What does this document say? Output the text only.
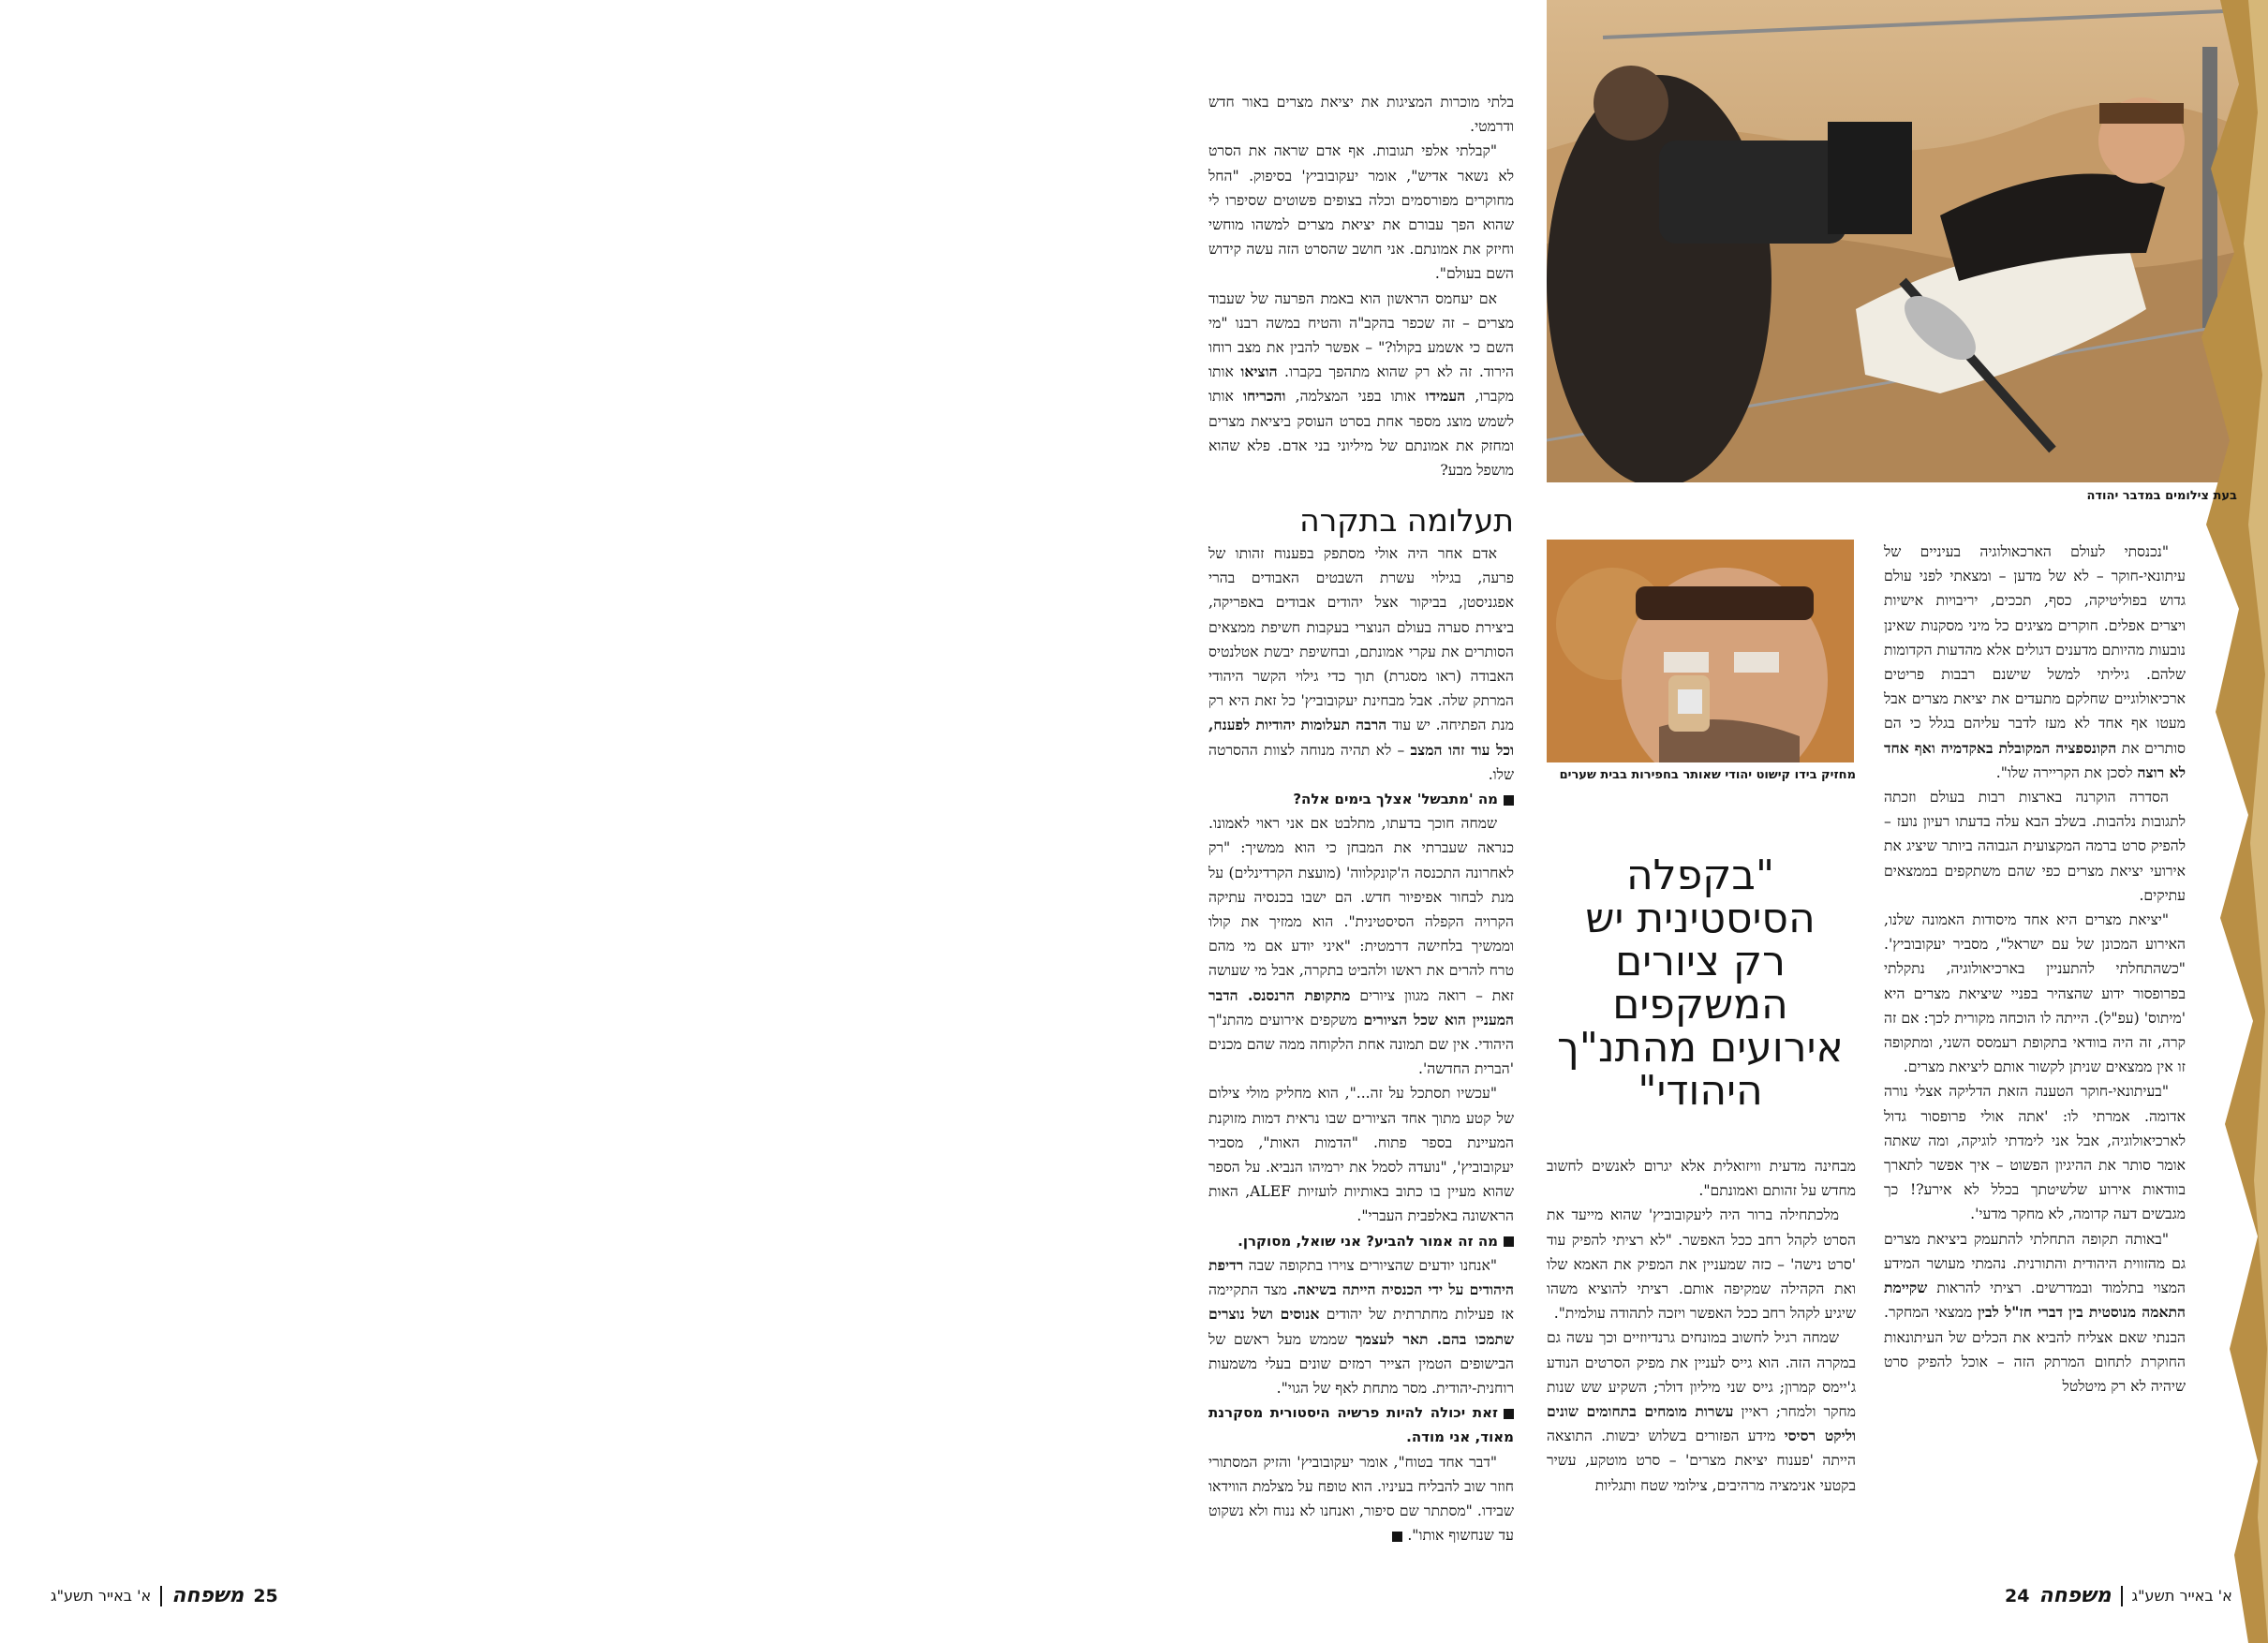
בלתי מוכרות המציגות את יציאת מצרים באור חדש ודרמטי.

"קבלתי אלפי תגובות. אף אדם שראה את הסרט לא נשאר אדיש", אומר יעקובוביץ' בסיפוק. "החל מחוקרים מפורסמים וכלה בצופים פשוטים שסיפרו לי שהוא הפך עבורם את יציאת מצרים למשהו מוחשי וחיזק את אמונתם. אני חושב שהסרט הזה עשה קידוש השם בעולם".

אם יעחמס הראשון הוא באמת הפרעה של שעבוד מצרים – זה שכפר בהקב"ה והטיח במשה רבנו "מי השם כי אשמע בקולו?" – אפשר להבין את מצב רוחו הירוד. זה לא רק שהוא מתהפך בקברו. הוציאו אותו מקברו, העמידו אותו בפני המצלמה, והכריחו אותו לשמש מוצג מספר אחת בסרט העוסק ביציאת מצרים ומחזק את אמונתם של מיליוני בני אדם. פלא שהוא מושפל מבע?

תעלומה בתקרה

אדם אחר היה אולי מסתפק בפענוח זהותו של פרעה, בגילוי עשרת השבטים האבודים בהרי אפגניסטן, בביקור אצל יהודים אבודים באפריקה, ביצירת סערה בעולם הנוצרי בעקבות חשיפת ממצאים הסותרים את עקרי אמונתם, ובחשיפת יבשת אטלנטיס האבודה (ראו מסגרת) תוך כדי גילוי הקשר היהודי המרתק שלה. אבל מבחינת יעקובוביץ' כל זאת היא רק מנת הפתיחה. יש עוד הרבה תעלומות יהודיות לפענח, וכל עוד זהו המצב – לא תהיה מנוחה לצוות ההסרטה שלו.

מה 'מתבשל' אצלך בימים אלה?

שמחה חוכך בדעתו, מתלבט אם אני ראוי לאמונו. כנראה שעברתי את המבחן כי הוא ממשיך: "רק לאחרונה התכנסה ה'קונקלווה' (מועצת הקרדינלים) על מנת לבחור אפיפיור חדש. הם ישבו בכנסיה עתיקה הקרויה הקפלה הסיסטינית". הוא ממזיך את קולו וממשיך בלחישה דרמטית: "איני יודע אם מי מהם טרח להרים את ראשו ולהביט בתקרה, אבל מי שעושה זאת – רואה מגוון ציורים מתקופת הרנסנס. הדבר המעניין הוא שכל הציורים משקפים אירועים מהתנ"ך היהודי. אין שם תמונה אחת הלקוחה ממה שהם מכנים 'הברית החדשה'.

"עכשיו תסתכל על זה...", הוא מחליק מולי צילום של קטע מתוך אחד הציורים שבו נראית דמות מזוקנת המעיינת בספר פתוח. "הדמות האות", מסביר יעקובוביץ', "נועדה לסמל את ירמיהו הנביא. על הספר שהוא מעיין בו כתוב באותיות לועזיות ALEF, האות הראשונה באלפבית העברי".

מה זה אמור להביע? אני שואל, מסוקרן.

"אנחנו יודעים שהציורים צוירו בתקופה שבה רדיפת היהודים על ידי הכנסיה הייתה בשיאה. מצד התקיימה אז פעילות מחתרתית של יהודים אנוסים ושל נוצרים שתמכו בהם. תאר לעצמך שממש מעל ראשם של הבישופים הטמין הצייר רמזים שונים בעלי משמעות רוחנית-יהודית. מסר מתחת לאף של הגוי".

זאת יכולה להיות פרשיה היסטורית מסקרנת מאוד, אני מודה.

"דבר אחד בטוח", אומר יעקובוביץ' והזיק המסתורי חוזר שוב להבליח בעיניו. הוא טופח על מצלמת הווידאו שבידו. "מסתתר שם סיפור, ואנחנו לא ננוח ולא נשקוט עד שנחשוף אותו".

בעת צילומים במדבר יהודה
מחזיק בידו קישוט יהודי שאותר בחפירות בבית שערים
"בקפלה הסיסטינית יש רק ציורים המשקפים אירועים מהתנ"ך היהודי"

מבחינה מדעית וויזואלית אלא יגרום לאנשים לחשוב מחדש על זהותם ואמונתם".

מלכתחילה ברור היה ליעקובוביץ' שהוא מייעד את הסרט לקהל רחב ככל האפשר. "לא רציתי להפיק עוד 'סרט נישה' – כזה שמעניין את המפיק את האמא שלו ואת הקהילה שמקיפה אותם. רציתי להוציא משהו שיגיע לקהל רחב ככל האפשר ויזכה לתהודה עולמית".

שמחה רגיל לחשוב במונחים גרנדיוזיים וכך עשה גם במקרה הזה. הוא גייס לעניין את מפיק הסרטים הנודע ג'יימס קמרון; גייס שני מיליון דולר; השקיע שש שנות מחקר ולמחר; ראיין עשרות מומחים בתחומים שונים וליקט רסיסי מידע הפזורים בשלוש יבשות. התוצאה הייתה 'פענוח יציאת מצרים' – סרט מוטקע, עשיר בקטעי אנימציה מרהיבים, צילומי שטח ותגליות

"נכנסתי לעולם הארכאולוגיה בעיניים של עיתונאי-חוקר – לא של מדען – ומצאתי לפני עולם גדוש בפוליטיקה, כסף, תככים, יריבויות אישיות ויצרים אפלים. חוקרים מציגים כל מיני מסקנות שאינן נובעות מהיותם מדענים דגולים אלא מהדעות הקדומות שלהם. גיליתי למשל שישנם רבבות פריטים ארכיאולוגיים שחלקם מתעדים את יציאת מצרים אבל מעטו אף אחד לא מעז לדבר עליהם בגלל כי הם סותרים את הקונספציה המקובלת באקדמיה ואף אחד לא רוצה לסכן את הקריירה שלו".

הסדרה הוקרנה בארצות רבות בעולם וזכתה לתגובות נלהבות. בשלב הבא עלה בדעתו רעיון נועז – להפיק סרט ברמה המקצועית הגבוהה ביותר שיציג את אירועי יציאת מצרים כפי שהם משתקפים בממצאים עתיקים.

"יציאת מצרים היא אחד מיסודות האמונה שלנו, האירוע המכונן של עם ישראל", מסביר יעקובוביץ'. "כשהתחלתי להתעניין בארכיאולוגיה, נתקלתי בפרופסור ידוע שהצהיר בפניי שיציאת מצרים היא 'מיתוס' (עפ"ל). הייתה לו הוכחה מקורית לכך: אם זה קרה, זה היה בוודאי בתקופת רעמסס השני, ומתקופה זו אין ממצאים שניתן לקשור אותם ליציאת מצרים.

"בעיתונאי-חוקר הטענה הזאת הדליקה אצלי נורה אדומה. אמרתי לו: 'אתה אולי פרופסור גדול לארכיאולוגיה, אבל אני לימדתי לוגיקה, ומה שאתה אומר סותר את ההיגיון הפשוט – איך אפשר לתארך בוודאות אירוע שלשיטתך בכלל לא אירע?! כך מגבשים דעה קדומה, לא מחקר מדעי'.

"באותה תקופה התחלתי להתעמק ביציאת מצרים גם מהזווית היהודית והתורנית. נהמתי מעושר המידע המצוי בתלמוד ובמדרשים. רציתי להראות שקיימת התאמה מנוסטית בין דברי חז"ל לבין ממצאי המחקר. הבנתי שאם אצליח להביא את הכלים של העיתונאות החוקרת לתחום המרתק הזה – אוכל להפיק סרט שיהיה לא רק מיטלטל

25
משפחה
א' באייר תשע"ג	א' באייר תשע"ג
משפחה
24
